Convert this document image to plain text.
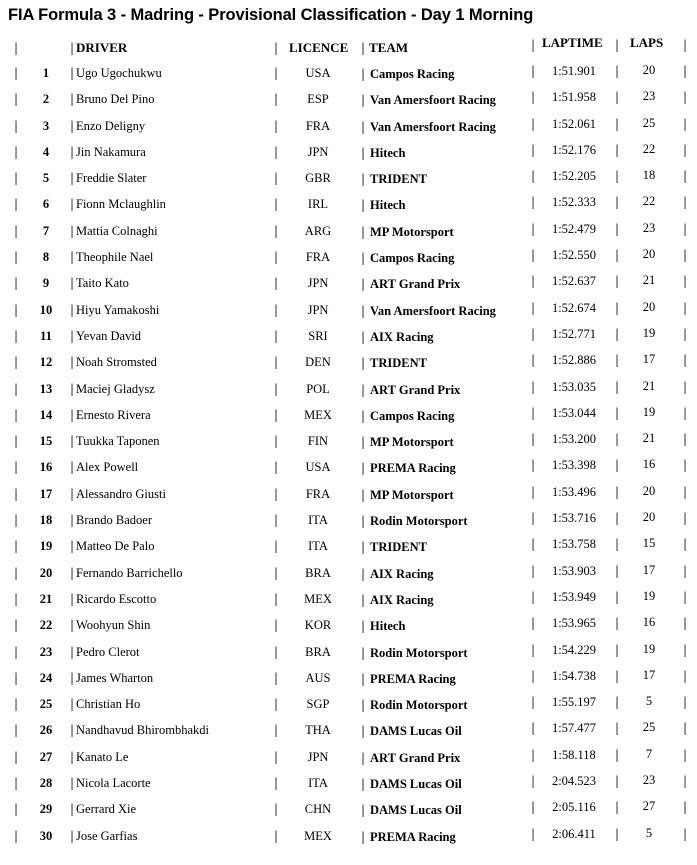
FIA Formula 3 - Madring - Provisional Classification - Day 1 Morning
|	| DRIVER	| LICENCE | TEAM	| LAPTIME | LAPS |
|	|	|	|	|	|	|
1	Ugo Ugochukwu	USA	Campos Racing	1:51.901	20
|	|	|	|	|	|	|
2	Bruno Del Pino	ESP	Van Amersfoort Racing	1:51.958	23
|	|	|	|	|	|	|
3	Enzo Deligny	FRA	Van Amersfoort Racing	1:52.061	25
|	|	|	|	|	|	|
4	Jin Nakamura	JPN	Hitech	1:52.176	22
|	|	|	|	|	|	|
5	Freddie Slater	GBR	TRIDENT	1:52.205	18
|	|	|	|	|	|	|
6	Fionn Mclaughlin	IRL	Hitech	1:52.333	22
|	|	|	|	|	|	|
7	Mattia Colnaghi	ARG	MP Motorsport	1:52.479	23
|	|	|	|	|	|	|
8	Theophile Nael	FRA	Campos Racing	1:52.550	20
|	|	|	|	|	|	|
9	Taito Kato	JPN	ART Grand Prix	1:52.637	21
|	|	|	|	|	|	|
10	Hiyu Yamakoshi	JPN	Van Amersfoort Racing	1:52.674	20
|	|	|	|	|	|	|
11	Yevan David	SRI	AIX Racing	1:52.771	19
|	|	|	|	|	|	|
12	Noah Stromsted	DEN	TRIDENT	1:52.886	17
|	|	|	|	|	|	|
13	Maciej Gladysz	POL	ART Grand Prix	1:53.035	21
|	|	|	|	|	|	|
14	Ernesto Rivera	MEX	Campos Racing	1:53.044	19
|	|	|	|	|	|	|
15	Tuukka Taponen	FIN	MP Motorsport	1:53.200	21
|	|	|	|	|	|	|
16	Alex Powell	USA	PREMA Racing	1:53.398	16
|	|	|	|	|	|	|
17	Alessandro Giusti	FRA	MP Motorsport	1:53.496	20
|	|	|	|	|	|	|
18	Brando Badoer	ITA	Rodin Motorsport	1:53.716	20
|	|	|	|	|	|	|
19	Matteo De Palo	ITA	TRIDENT	1:53.758	15
|	|	|	|	|	|	|
20	Fernando Barrichello	BRA	AIX Racing	1:53.903	17
|	|	|	|	|	|	|
21	Ricardo Escotto	MEX	AIX Racing	1:53.949	19
|	|	|	|	|	|	|
22	Woohyun Shin	KOR	Hitech	1:53.965	16
|	|	|	|	|	|	|
23	Pedro Clerot	BRA	Rodin Motorsport	1:54.229	19
|	|	|	|	|	|	|
24	James Wharton	AUS	PREMA Racing	1:54.738	17
|	|	|	|	|	|	|
25	Christian Ho	SGP	Rodin Motorsport	1:55.197	5
|	|	|	|	|	|	|
26	Nandhavud Bhirombhakdi	THA	DAMS Lucas Oil	1:57.477	25
|	|	|	|	|	|	|
27	Kanato Le	JPN	ART Grand Prix	1:58.118	7
|	|	|	|	|	|	|
28	Nicola Lacorte	ITA	DAMS Lucas Oil	2:04.523	23
|	|	|	|	|	|	|
29	Gerrard Xie	CHN	DAMS Lucas Oil	2:05.116	27
|	|	|	|	|	|	|
30	Jose Garfias	MEX	PREMA Racing	2:06.411	5
